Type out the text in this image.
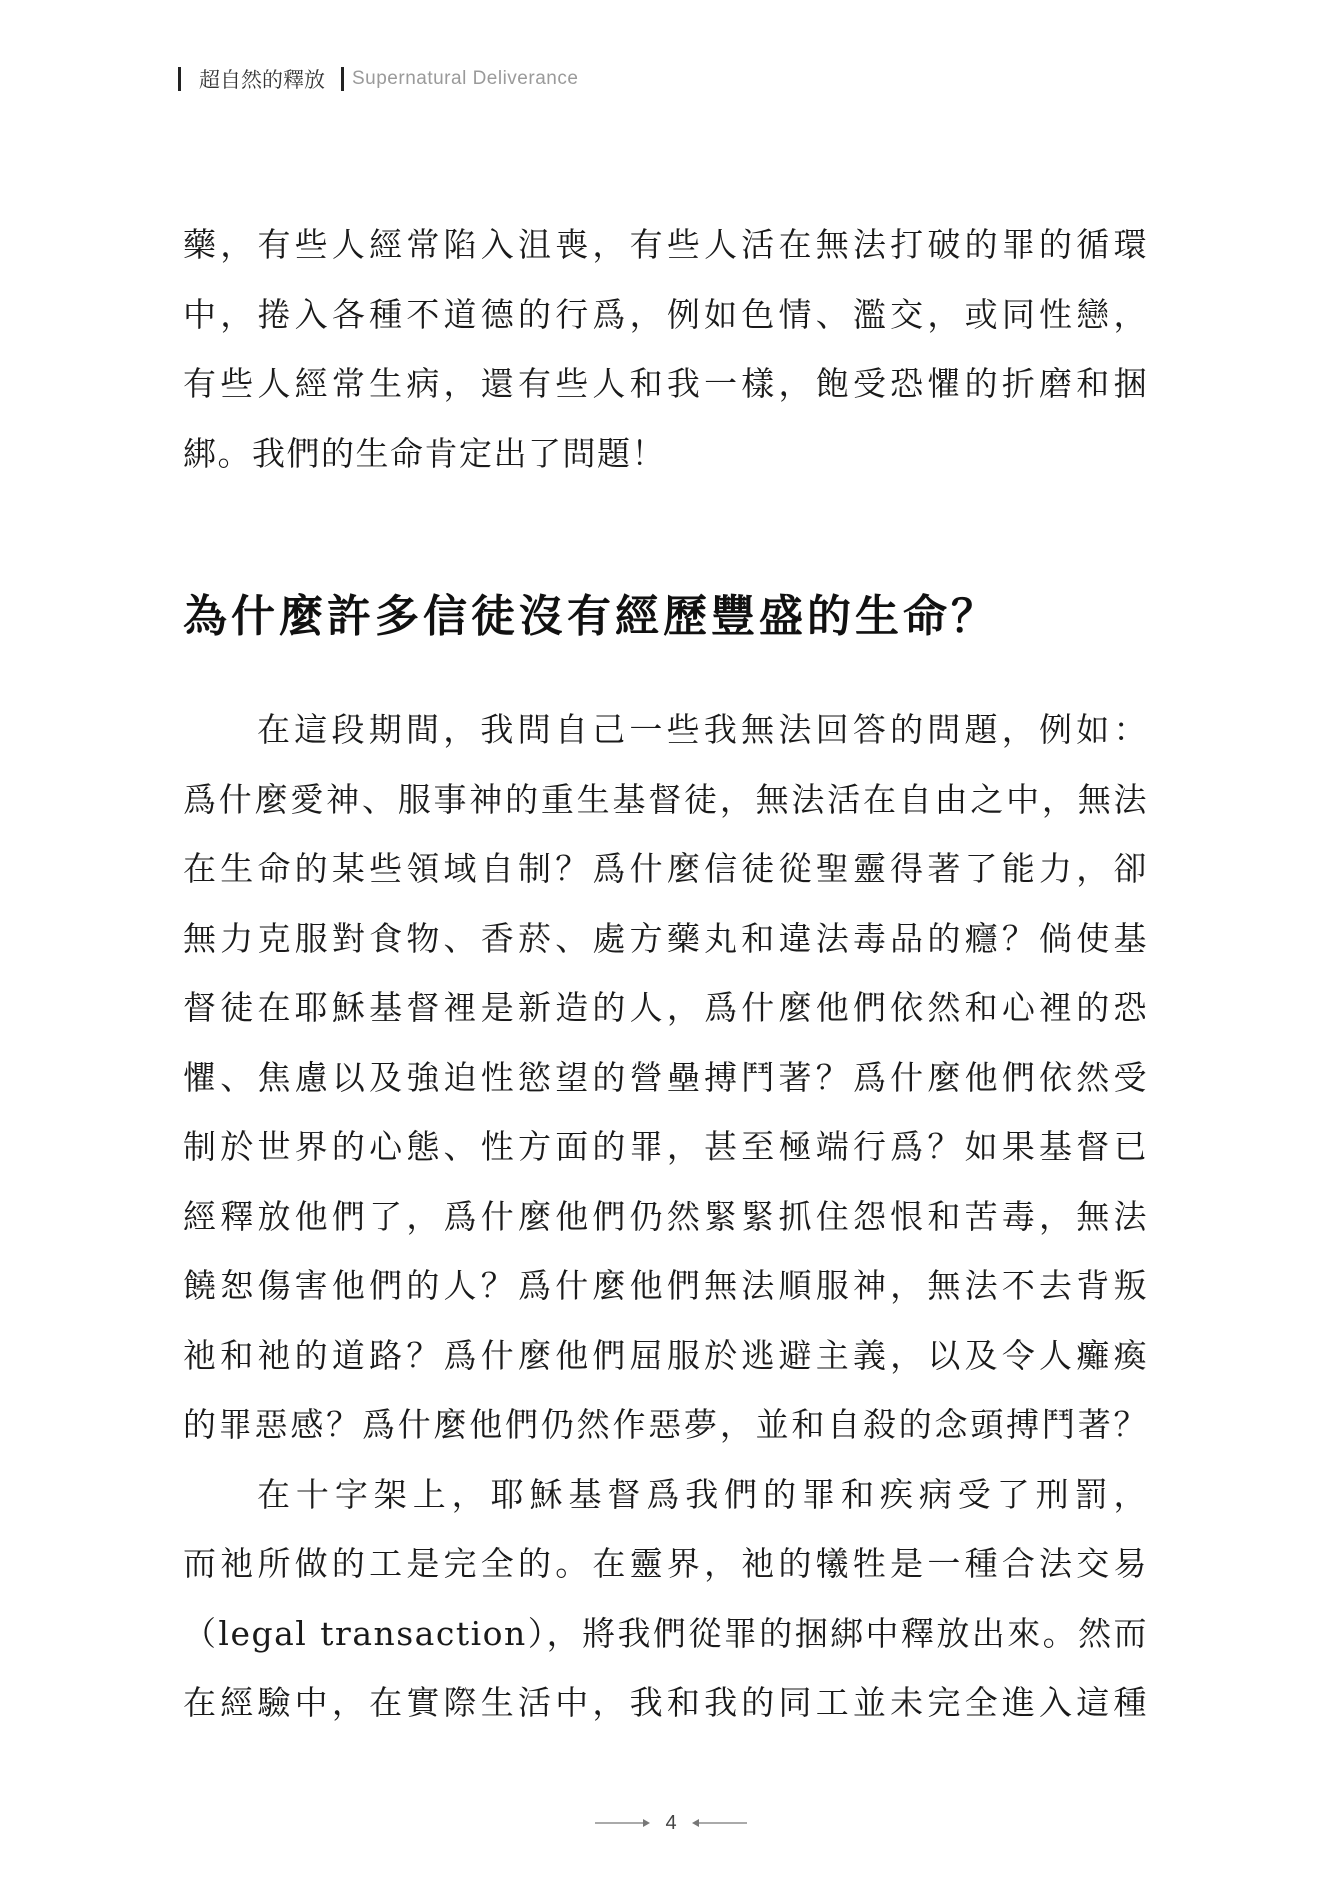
超自然的釋放 Supernatural Deliverance
藥，有些人經常陷入沮喪，有些人活在無法打破的罪的循環
中，捲入各種不道德的行爲，例如色情、濫交，或同性戀，
有些人經常生病，還有些人和我一樣，飽受恐懼的折磨和捆
綁。我們的生命肯定出了問題！
為什麼許多信徒沒有經歷豐盛的生命？
在這段期間，我問自己一些我無法回答的問題，例如：
爲什麼愛神、服事神的重生基督徒，無法活在自由之中，無法
在生命的某些領域自制？爲什麼信徒從聖靈得著了能力，卻
無力克服對食物、香菸、處方藥丸和違法毒品的癮？倘使基
督徒在耶穌基督裡是新造的人，爲什麼他們依然和心裡的恐
懼、焦慮以及強迫性慾望的營壘搏鬥著？爲什麼他們依然受
制於世界的心態、性方面的罪，甚至極端行爲？如果基督已
經釋放他們了，爲什麼他們仍然緊緊抓住怨恨和苦毒，無法
饒恕傷害他們的人？爲什麼他們無法順服神，無法不去背叛
祂和祂的道路？爲什麼他們屈服於逃避主義，以及令人癱瘓
的罪惡感？爲什麼他們仍然作惡夢，並和自殺的念頭搏鬥著？
在十字架上，耶穌基督爲我們的罪和疾病受了刑罰，
而祂所做的工是完全的。在靈界，祂的犧牲是一種合法交易
（legal transaction），將我們從罪的捆綁中釋放出來。然而
在經驗中，在實際生活中，我和我的同工並未完全進入這種
4
